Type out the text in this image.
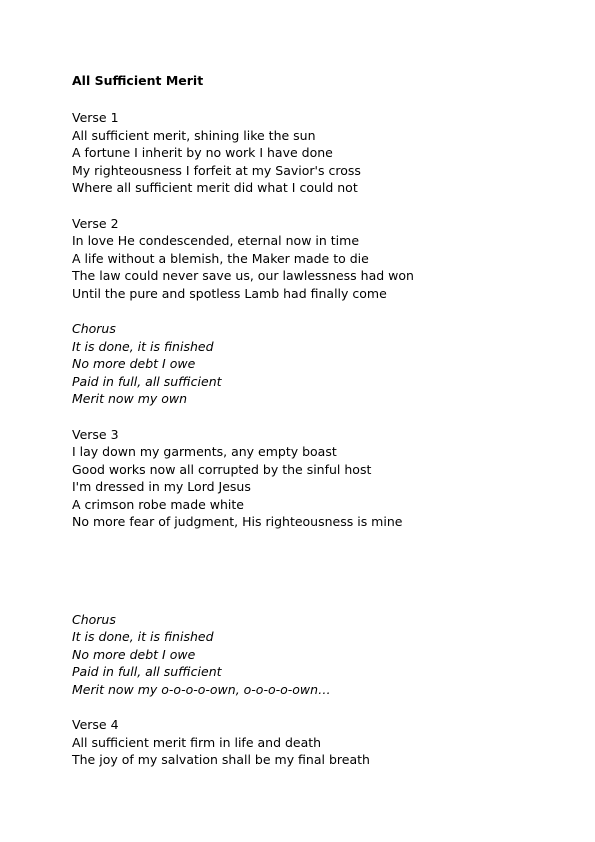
All Sufficient Merit
Verse 1
All sufficient merit, shining like the sun
A fortune I inherit by no work I have done
My righteousness I forfeit at my Savior's cross
Where all sufficient merit did what I could not
Verse 2
In love He condescended, eternal now in time
A life without a blemish, the Maker made to die
The law could never save us, our lawlessness had won
Until the pure and spotless Lamb had finally come
Chorus
It is done, it is finished
No more debt I owe
Paid in full, all sufficient
Merit now my own
Verse 3
I lay down my garments, any empty boast
Good works now all corrupted by the sinful host
I'm dressed in my Lord Jesus
A crimson robe made white
No more fear of judgment, His righteousness is mine
Chorus
It is done, it is finished
No more debt I owe
Paid in full, all sufficient
Merit now my o-o-o-o-own, o-o-o-o-own…
Verse 4
All sufficient merit firm in life and death
The joy of my salvation shall be my final breath
